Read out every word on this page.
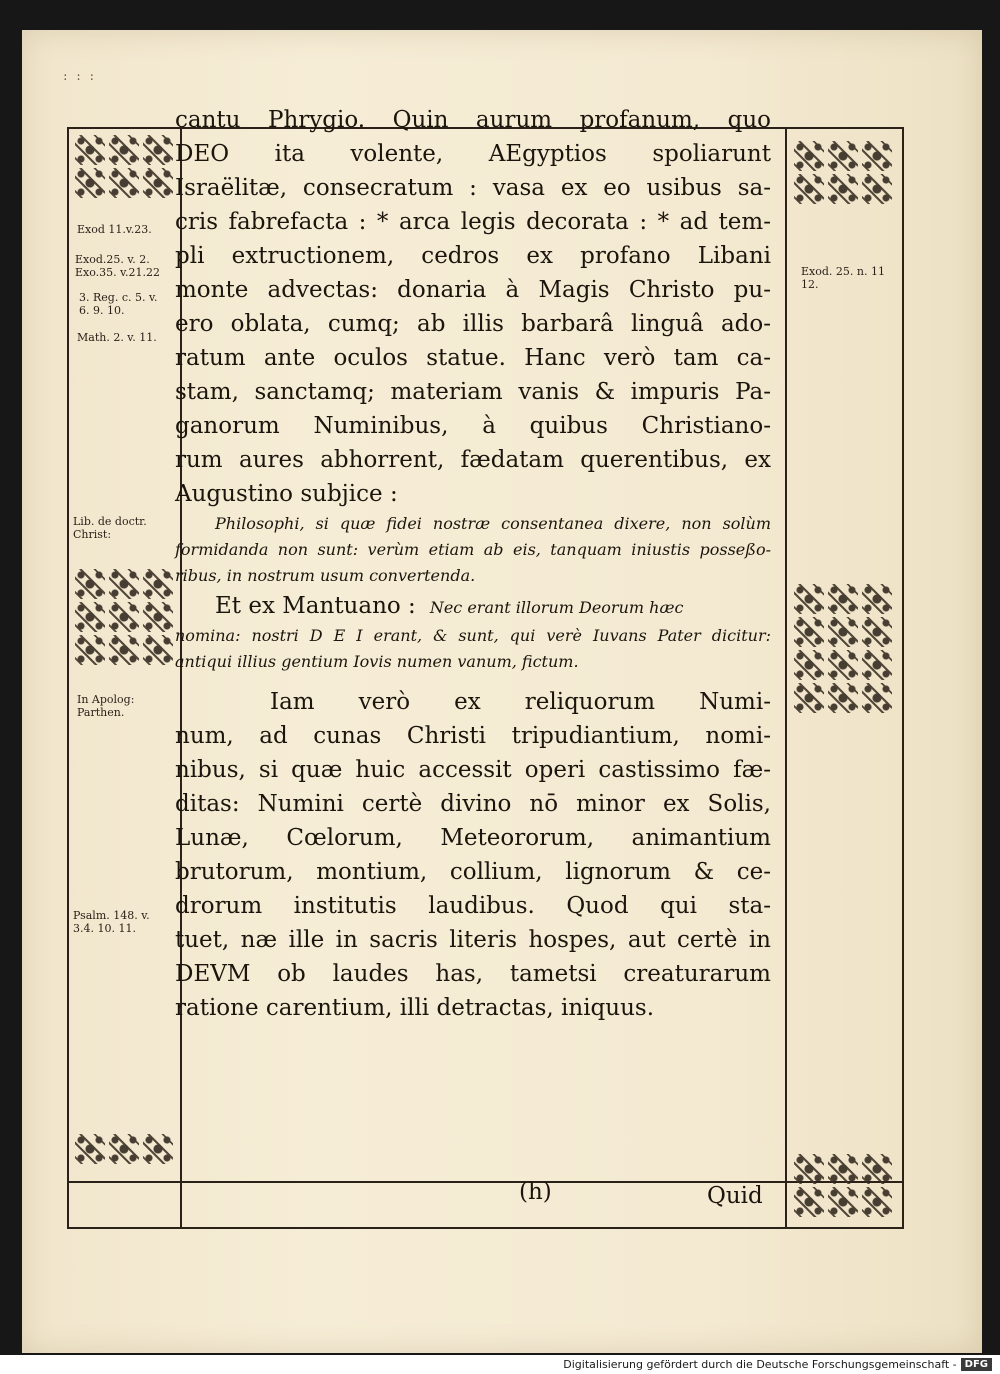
: : :
Exod 11.v.23.
Exod.25. v. 2.
Exo.35. v.21.22
3. Reg. c. 5. v.
6. 9. 10.
Math. 2. v. 11.
Lib. de doctr.
Christ:
In Apolog:
Parthen.
Psalm. 148. v.
3.4. 10. 11.
Exod. 25. n. 11
12.
(h)	Quid
cantu Phrygio. Quin aurum profanum, quo
DEO ita volente, AEgyptios spoliarunt
Israëlitæ, consecratum : vasa ex eo usibus sa-
cris fabrefacta : * arca legis decorata : * ad tem-
pli extructionem, cedros ex profano Libani
monte advectas: donaria à Magis Christo pu-
ero oblata, cumq; ab illis barbarâ linguâ ado-
ratum ante oculos statue. Hanc verò tam ca-
stam, sanctamq; materiam vanis & impuris Pa-
ganorum Numinibus, à quibus Christiano-
rum aures abhorrent, fædatam querentibus, ex
Augustino subjice :
Philosophi, si quæ fidei nostræ consentanea dixere, non solùm
formidanda non sunt: verùm etiam ab eis, tanquam iniustis posseßo-
ribus, in nostrum usum convertenda.
Et ex Mantuano : Nec erant illorum Deorum hæc
nomina: nostri D E I erant, & sunt, qui verè Iuvans Pater dicitur:
antiqui illius gentium Iovis numen vanum, fictum.
Iam verò ex reliquorum Numi-
num, ad cunas Christi tripudiantium, nomi-
nibus, si quæ huic accessit operi castissimo fæ-
ditas: Numini certè divino nō minor ex Solis,
Lunæ, Cœlorum, Meteororum, animantium
brutorum, montium, collium, lignorum & ce-
drorum institutis laudibus. Quod qui sta-
tuet, næ ille in sacris literis hospes, aut certè in
DEVM ob laudes has, tametsi creaturarum
ratione carentium, illi detractas, iniquus.
Digitalisierung gefördert durch die Deutsche Forschungsgemeinschaft - DFG
